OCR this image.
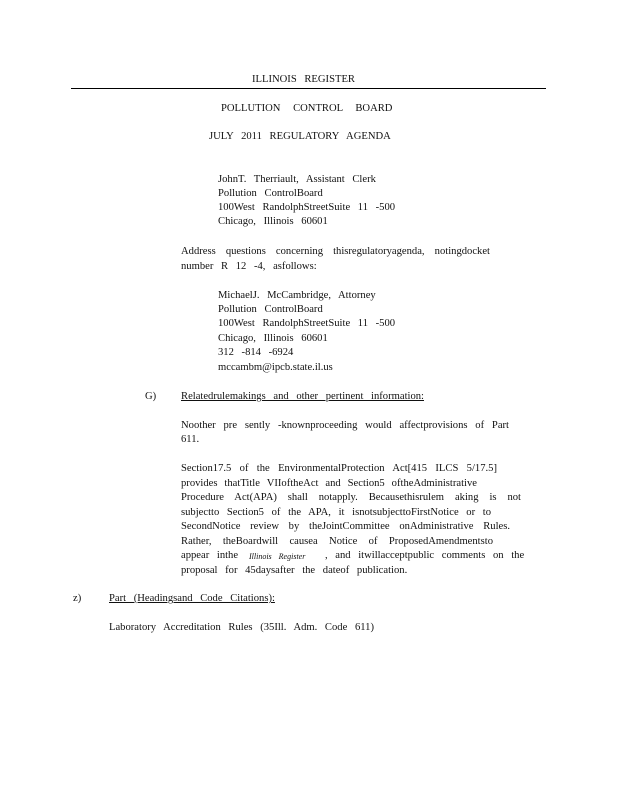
ILLINOIS REGISTER
POLLUTION CONTROL BOARD
JULY 2011 REGULATORY AGENDA
JohnT. Therriault, Assistant Clerk
Pollution ControlBoard
100West RandolphStreetSuite 11 -500
Chicago, Illinois 60601
Address questions concerning thisregulatoryagenda, notingdocket
number R 12 -4, asfollows:
MichaelJ. McCambridge, Attorney
Pollution ControlBoard
100West RandolphStreetSuite 11 -500
Chicago, Illinois 60601
312 -814 -6924
mccambm@ipcb.state.il.us
G) Relatedrulemakings and other pertinent information:
Noother pre sently -knownproceeding would affectprovisions of Part
611.
Section17.5 of the EnvironmentalProtection Act[415 ILCS 5/17.5]
provides thatTitle VIIoftheAct and Section5 oftheAdministrative
Procedure Act(APA) shall notapply. Becausethisrulem aking is not
subjectto Section5 of the APA, it isnotsubjecttoFirstNotice or to
SecondNotice review by theJointCommittee onAdministrative Rules.
Rather, theBoardwill causea Notice of ProposedAmendmentsto
appear inthe Illinois Register , and itwillacceptpublic comments on the
proposal for 45daysafter the dateof publication.
z)	Part (Headingsand Code Citations):
Laboratory Accreditation Rules (35Ill. Adm. Code 611)
